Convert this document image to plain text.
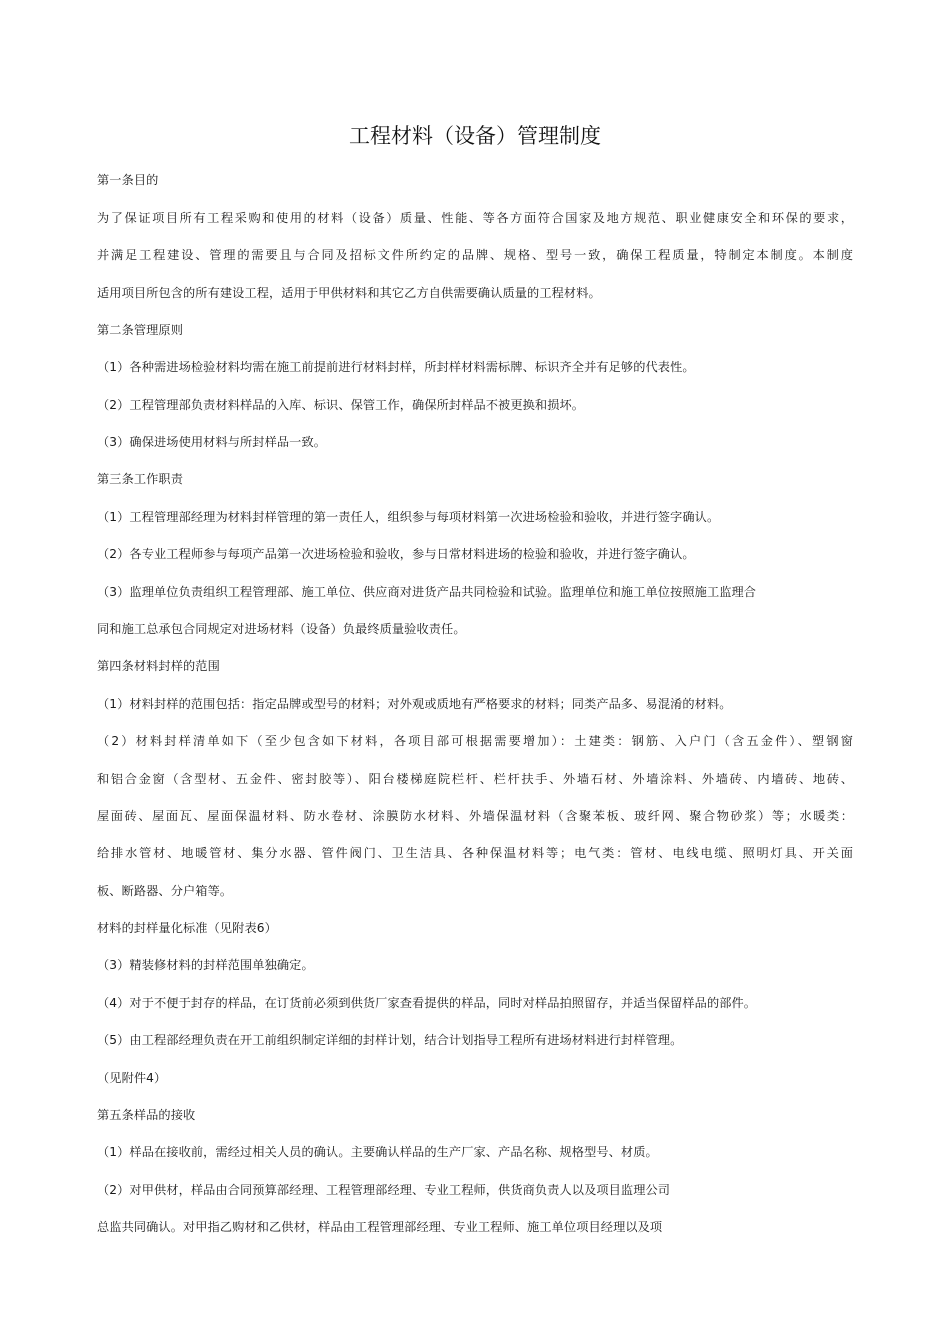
工程材料（设备）管理制度

第一条目的

为了保证项目所有工程采购和使用的材料（设备）质量、性能、等各方面符合国家及地方规范、职业健康安全和环保的要求，

并满足工程建设、管理的需要且与合同及招标文件所约定的品牌、规格、型号一致，确保工程质量，特制定本制度。本制度

适用项目所包含的所有建设工程，适用于甲供材料和其它乙方自供需要确认质量的工程材料。

第二条管理原则

（1）各种需进场检验材料均需在施工前提前进行材料封样，所封样材料需标牌、标识齐全并有足够的代表性。

（2）工程管理部负责材料样品的入库、标识、保管工作，确保所封样品不被更换和损坏。

（3）确保进场使用材料与所封样品一致。

第三条工作职责

（1）工程管理部经理为材料封样管理的第一责任人，组织参与每项材料第一次进场检验和验收，并进行签字确认。

（2）各专业工程师参与每项产品第一次进场检验和验收，参与日常材料进场的检验和验收，并进行签字确认。

（3）监理单位负责组织工程管理部、施工单位、供应商对进货产品共同检验和试验。监理单位和施工单位按照施工监理合

同和施工总承包合同规定对进场材料（设备）负最终质量验收责任。

第四条材料封样的范围

（1）材料封样的范围包括：指定品牌或型号的材料；对外观或质地有严格要求的材料；同类产品多、易混淆的材料。

（2）材料封样清单如下（至少包含如下材料，各项目部可根据需要增加）：土建类：钢筋、入户门（含五金件）、塑钢窗

和铝合金窗（含型材、五金件、密封胶等）、阳台楼梯庭院栏杆、栏杆扶手、外墙石材、外墙涂料、外墙砖、内墙砖、地砖、

屋面砖、屋面瓦、屋面保温材料、防水卷材、涂膜防水材料、外墙保温材料（含聚苯板、玻纤网、聚合物砂浆）等；水暖类：

给排水管材、地暖管材、集分水器、管件阀门、卫生洁具、各种保温材料等；电气类：管材、电线电缆、照明灯具、开关面

板、断路器、分户箱等。

材料的封样量化标准（见附表6）

（3）精装修材料的封样范围单独确定。

（4）对于不便于封存的样品，在订货前必须到供货厂家查看提供的样品，同时对样品拍照留存，并适当保留样品的部件。

（5）由工程部经理负责在开工前组织制定详细的封样计划，结合计划指导工程所有进场材料进行封样管理。

（见附件4）

第五条样品的接收

（1）样品在接收前，需经过相关人员的确认。主要确认样品的生产厂家、产品名称、规格型号、材质。

（2）对甲供材，样品由合同预算部经理、工程管理部经理、专业工程师，供货商负责人以及项目监理公司

总监共同确认。对甲指乙购材和乙供材，样品由工程管理部经理、专业工程师、施工单位项目经理以及项
